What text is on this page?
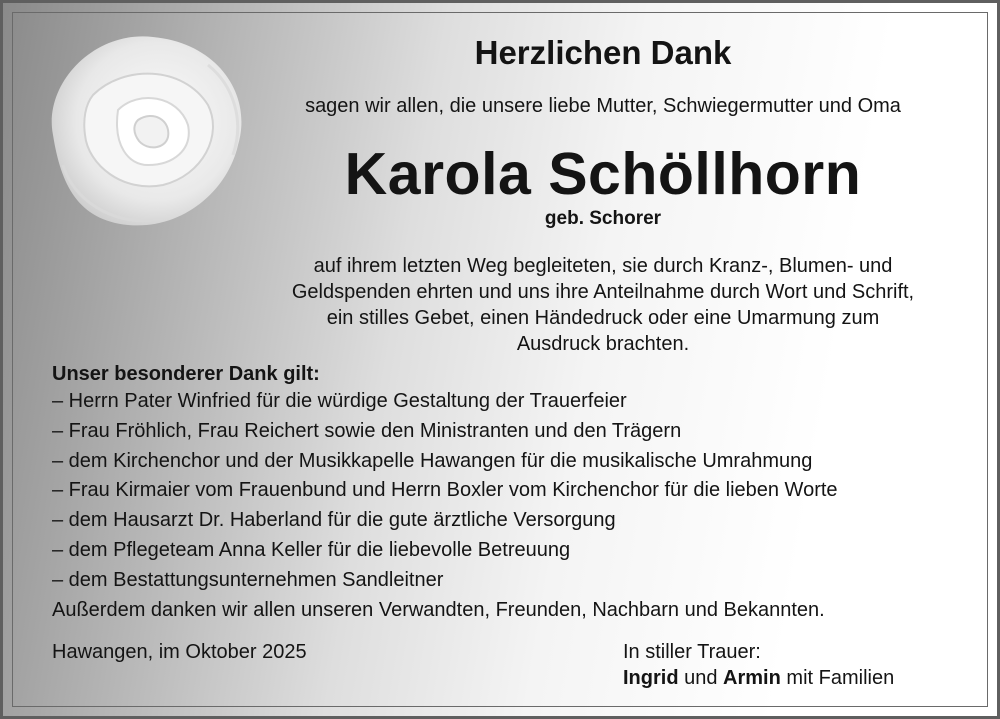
Herzlichen Dank
sagen wir allen, die unsere liebe Mutter, Schwiegermutter und Oma
Karola Schöllhorn
geb. Schorer
auf ihrem letzten Weg begleiteten, sie durch Kranz-, Blumen- und
Geldspenden ehrten und uns ihre Anteilnahme durch Wort und Schrift,
ein stilles Gebet, einen Händedruck oder eine Umarmung zum
Ausdruck brachten.
Unser besonderer Dank gilt:
– Herrn Pater Winfried für die würdige Gestaltung der Trauerfeier
– Frau Fröhlich, Frau Reichert sowie den Ministranten und den Trägern
– dem Kirchenchor und der Musikkapelle Hawangen für die musikalische Umrahmung
– Frau Kirmaier vom Frauenbund und Herrn Boxler vom Kirchenchor für die lieben Worte
– dem Hausarzt Dr. Haberland für die gute ärztliche Versorgung
– dem Pflegeteam Anna Keller für die liebevolle Betreuung
– dem Bestattungsunternehmen Sandleitner
Außerdem danken wir allen unseren Verwandten, Freunden, Nachbarn und Bekannten.
Hawangen, im Oktober 2025	In stiller Trauer:
Ingrid und Armin mit Familien
